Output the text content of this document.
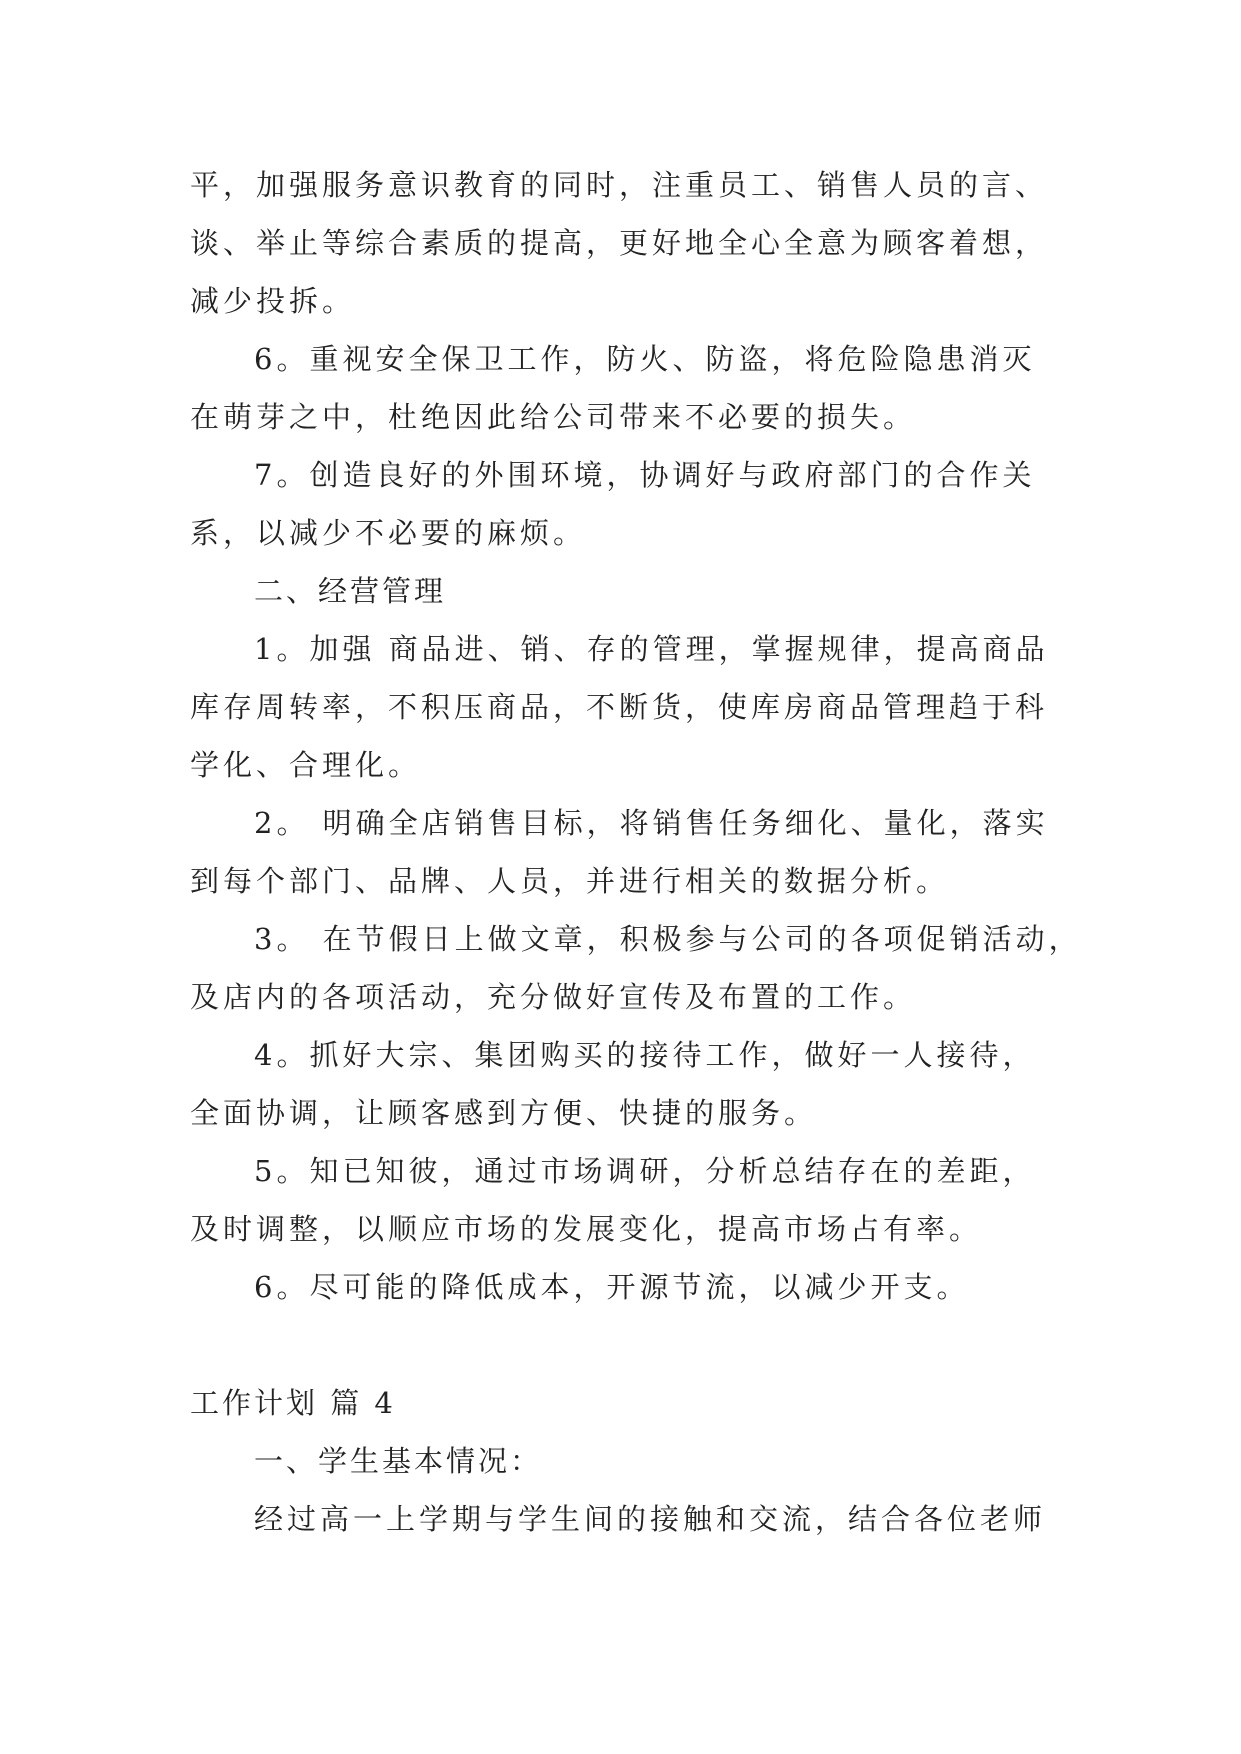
平，加强服务意识教育的同时，注重员工、销售人员的言、
谈、举止等综合素质的提高，更好地全心全意为顾客着想，
减少投拆。
6。重视安全保卫工作，防火、防盗，将危险隐患消灭
在萌芽之中，杜绝因此给公司带来不必要的损失。
7。创造良好的外围环境，协调好与政府部门的合作关
系，以减少不必要的麻烦。
二、经营管理
1。加强 商品进、销、存的管理，掌握规律，提高商品
库存周转率，不积压商品，不断货，使库房商品管理趋于科
学化、合理化。
2。 明确全店销售目标，将销售任务细化、量化，落实
到每个部门、品牌、人员，并进行相关的数据分析。
3。 在节假日上做文章，积极参与公司的各项促销活动，
及店内的各项活动，充分做好宣传及布置的工作。
4。抓好大宗、集团购买的接待工作，做好一人接待，
全面协调，让顾客感到方便、快捷的服务。
5。知已知彼，通过市场调研，分析总结存在的差距，
及时调整，以顺应市场的发展变化，提高市场占有率。
6。尽可能的降低成本，开源节流，以减少开支。
工作计划 篇 4
一、学生基本情况：
经过高一上学期与学生间的接触和交流，结合各位老师
